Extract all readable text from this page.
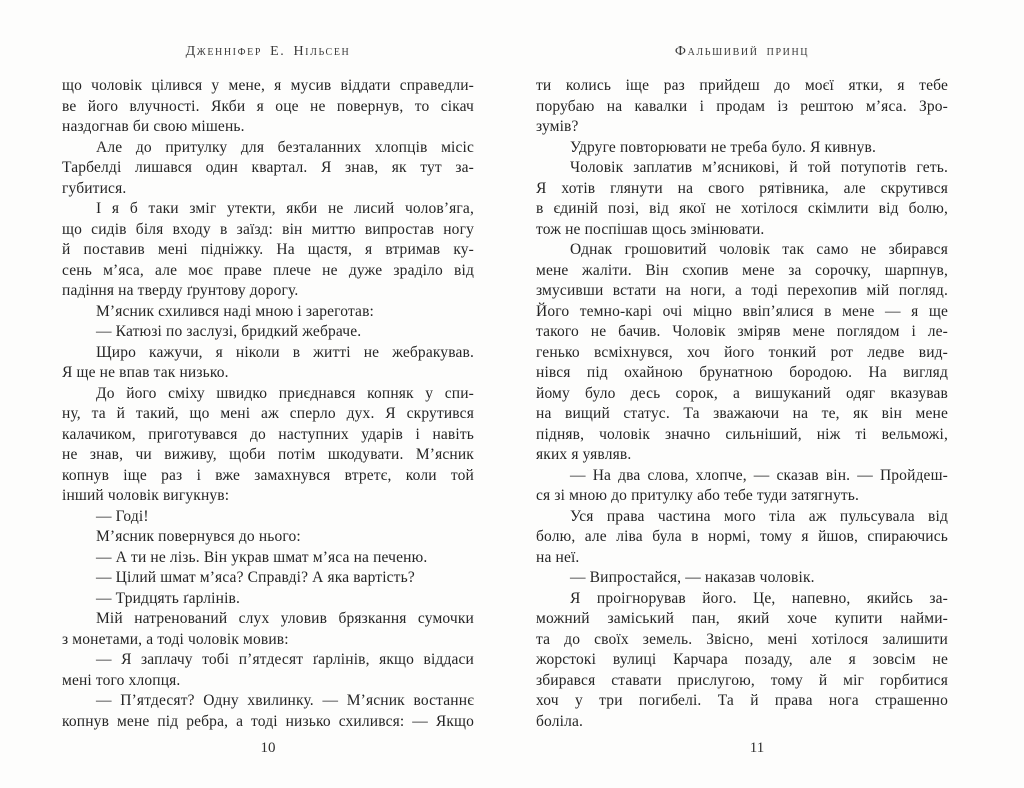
Дженніфер Е. Нільсен
що чоловік цілився у мене, я мусив віддати справедли-
ве його влучності. Якби я оце не повернув, то сікач
наздогнав би свою мішень.
Але до притулку для безталанних хлопців місіс
Тарбелді лишався один квартал. Я знав, як тут за-
губитися.
І я б таки зміг утекти, якби не лисий чолов’яга,
що сидів біля входу в заїзд: він миттю випростав ногу
й поставив мені підніжку. На щастя, я втримав ку-
сень м’яса, але моє праве плече не дуже зраділо від
падіння на тверду ґрунтову дорогу.
М’ясник схилився наді мною і зареготав:
— Катюзі по заслузі, бридкий жебраче.
Щиро кажучи, я ніколи в житті не жебракував.
Я ще не впав так низько.
До його сміху швидко приєднався копняк у спи-
ну, та й такий, що мені аж сперло дух. Я скрутився
калачиком, приготувався до наступних ударів і навіть
не знав, чи виживу, щоби потім шкодувати. М’ясник
копнув іще раз і вже замахнувся втретє, коли той
інший чоловік вигукнув:
— Годі!
М’ясник повернувся до нього:
— А ти не лізь. Він украв шмат м’яса на печеню.
— Цілий шмат м’яса? Справді? А яка вартість?
— Тридцять ґарлінів.
Мій натренований слух уловив брязкання сумочки
з монетами, а тоді чоловік мовив:
— Я заплачу тобі п’ятдесят ґарлінів, якщо віддаси
мені того хлопця.
— П’ятдесят? Одну хвилинку. — М’ясник востаннє
копнув мене під ребра, а тоді низько схилився: — Якщо
10
Фальшивий принц
ти колись іще раз прийдеш до моєї ятки, я тебе
порубаю на кавалки і продам із рештою м’яса. Зро-
зумів?
Удруге повторювати не треба було. Я кивнув.
Чоловік заплатив м’ясникові, й той потупотів геть.
Я хотів глянути на свого рятівника, але скрутився
в єдиній позі, від якої не хотілося скімлити від болю,
тож не поспішав щось змінювати.
Однак грошовитий чоловік так само не збирався
мене жаліти. Він схопив мене за сорочку, шарпнув,
змусивши встати на ноги, а тоді перехопив мій погляд.
Його темно-карі очі міцно ввіп’ялися в мене — я ще
такого не бачив. Чоловік зміряв мене поглядом і ле-
генько всміхнувся, хоч його тонкий рот ледве вид-
нівся під охайною брунатною бородою. На вигляд
йому було десь сорок, а вишуканий одяг вказував
на вищий статус. Та зважаючи на те, як він мене
підняв, чоловік значно сильніший, ніж ті вельможі,
яких я уявляв.
— На два слова, хлопче, — сказав він. — Пройдеш-
ся зі мною до притулку або тебе туди затягнуть.
Уся права частина мого тіла аж пульсувала від
болю, але ліва була в нормі, тому я йшов, спираючись
на неї.
— Випростайся, — наказав чоловік.
Я проігнорував його. Це, напевно, якийсь за-
можний заміський пан, який хоче купити найми-
та до своїх земель. Звісно, мені хотілося залишити
жорстокі вулиці Карчара позаду, але я зовсім не
збирався ставати прислугою, тому й міг горбитися
хоч у три погибелі. Та й права нога страшенно
боліла.
11
